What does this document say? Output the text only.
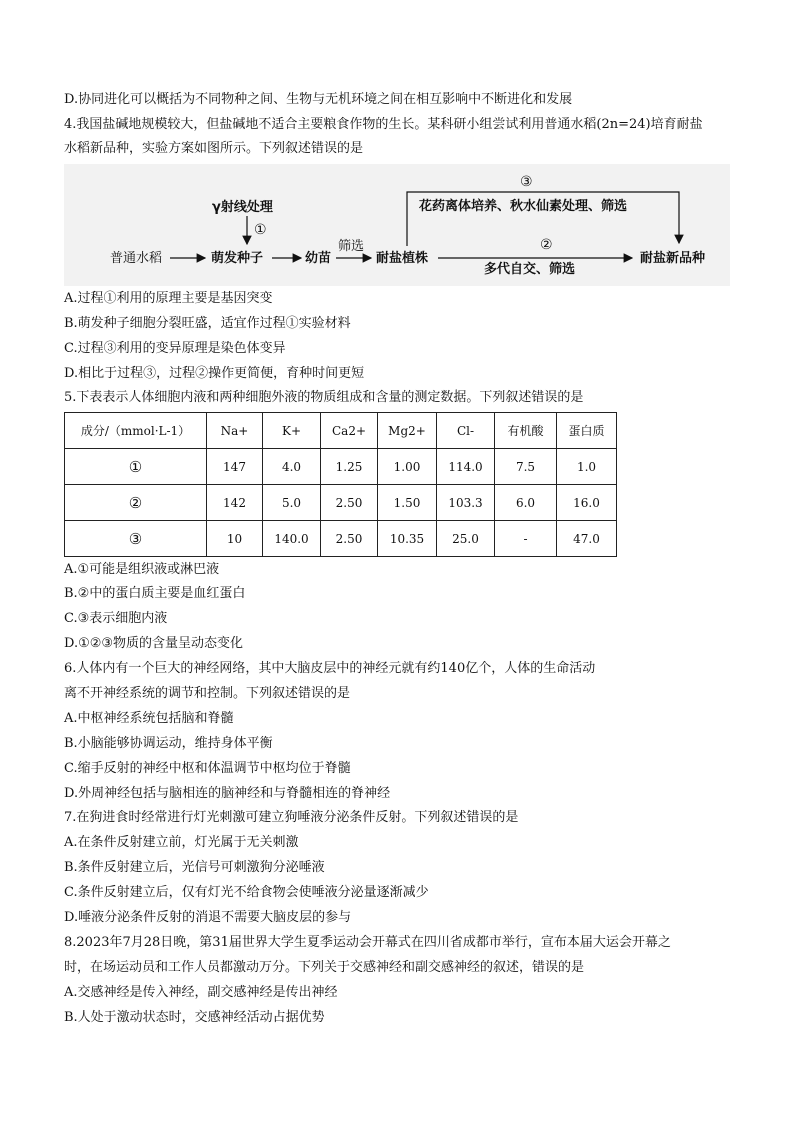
D.协同进化可以概括为不同物种之间、生物与无机环境之间在相互影响中不断进化和发展
4.我国盐碱地规模较大，但盐碱地不适合主要粮食作物的生长。某科研小组尝试利用普通水稻(2n=24)培育耐盐
水稻新品种，实验方案如图所示。下列叙述错误的是
γ射线处理
①
普通水稻	萌发种子	幼苗
筛选
耐盐植株
③
花药离体培养、秋水仙素处理、筛选
②
多代自交、筛选
耐盐新品种
A.过程①利用的原理主要是基因突变
B.萌发种子细胞分裂旺盛，适宜作过程①实验材料
C.过程③利用的变异原理是染色体变异
D.相比于过程③，过程②操作更简便，育种时间更短
5.下表表示人体细胞内液和两种细胞外液的物质组成和含量的测定数据。下列叙述错误的是
成分/（mmol·L-1）	Na+	K+	Ca2+	Mg2+	Cl-	有机酸	蛋白质
①	147	4.0	1.25	1.00	114.0	7.5	1.0
②	142	5.0	2.50	1.50	103.3	6.0	16.0
③	10	140.0	2.50	10.35	25.0	-	47.0
A.①可能是组织液或淋巴液
B.②中的蛋白质主要是血红蛋白
C.③表示细胞内液
D.①②③物质的含量呈动态变化
6.人体内有一个巨大的神经网络，其中大脑皮层中的神经元就有约140亿个，人体的生命活动
离不开神经系统的调节和控制。下列叙述错误的是
A.中枢神经系统包括脑和脊髓
B.小脑能够协调运动，维持身体平衡
C.缩手反射的神经中枢和体温调节中枢均位于脊髓
D.外周神经包括与脑相连的脑神经和与脊髓相连的脊神经
7.在狗进食时经常进行灯光刺激可建立狗唾液分泌条件反射。下列叙述错误的是
A.在条件反射建立前，灯光属于无关刺激
B.条件反射建立后，光信号可刺激狗分泌唾液
C.条件反射建立后，仅有灯光不给食物会使唾液分泌量逐渐减少
D.唾液分泌条件反射的消退不需要大脑皮层的参与
8.2023年7月28日晚，第31届世界大学生夏季运动会开幕式在四川省成都市举行，宣布本届大运会开幕之
时，在场运动员和工作人员都激动万分。下列关于交感神经和副交感神经的叙述，错误的是
A.交感神经是传入神经，副交感神经是传出神经
B.人处于激动状态时，交感神经活动占据优势
